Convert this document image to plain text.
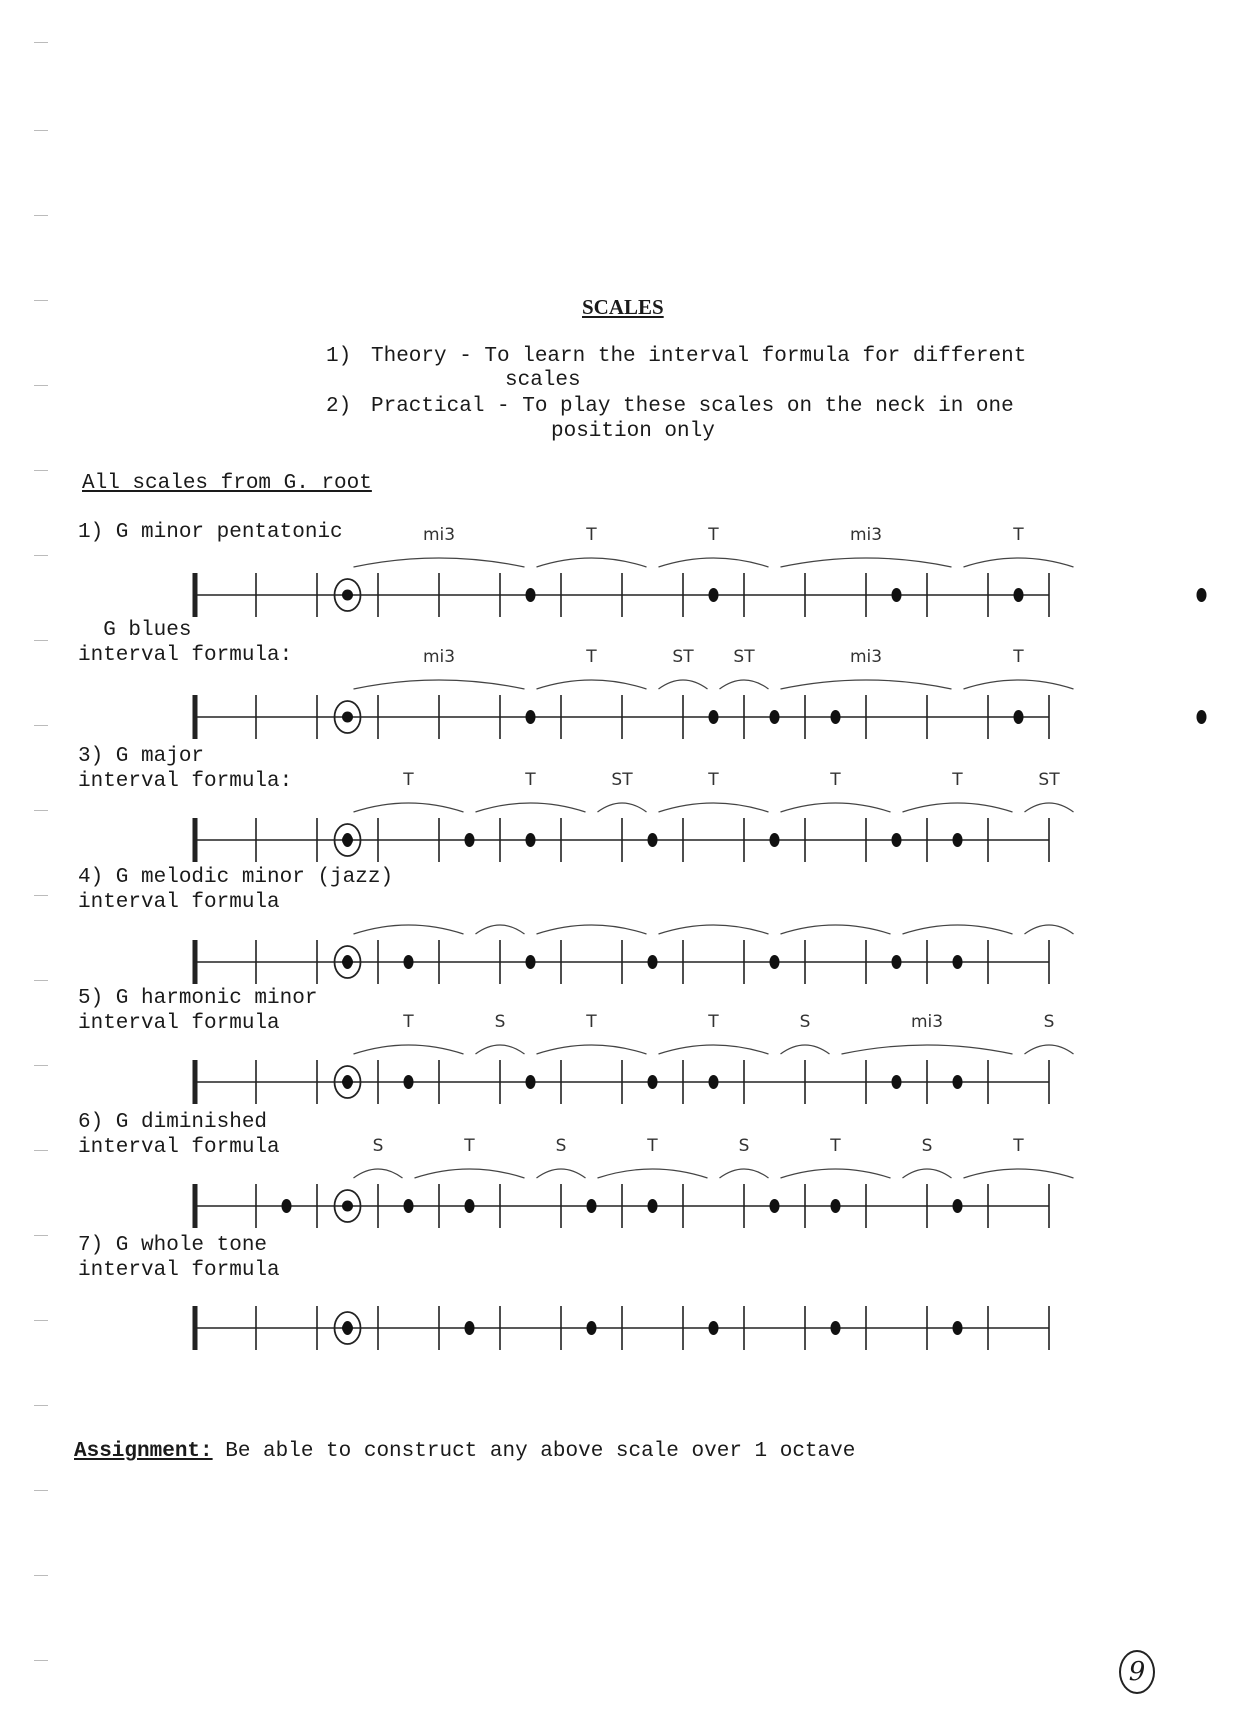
SCALES
1) Theory - To learn the interval formula for different
scales
2) Practical - To play these scales on the neck in one
position only
All scales from G. root
1) G minor pentatonic	mi3	T	T	mi3	T
G blues
interval formula:	mi3	T	ST ST	mi3	T
3) G major
interval formula:	T	T	ST	T	T	T	ST
4) G melodic minor (jazz)
interval formula
5) G harmonic minor
interval formula	T	S	T	T	S	mi3	S
6) G diminished
interval formula	S	T	S	T	S	T	S	T
7) G whole tone
interval formula
Assignment: Be able to construct any above scale over 1 octave
9
